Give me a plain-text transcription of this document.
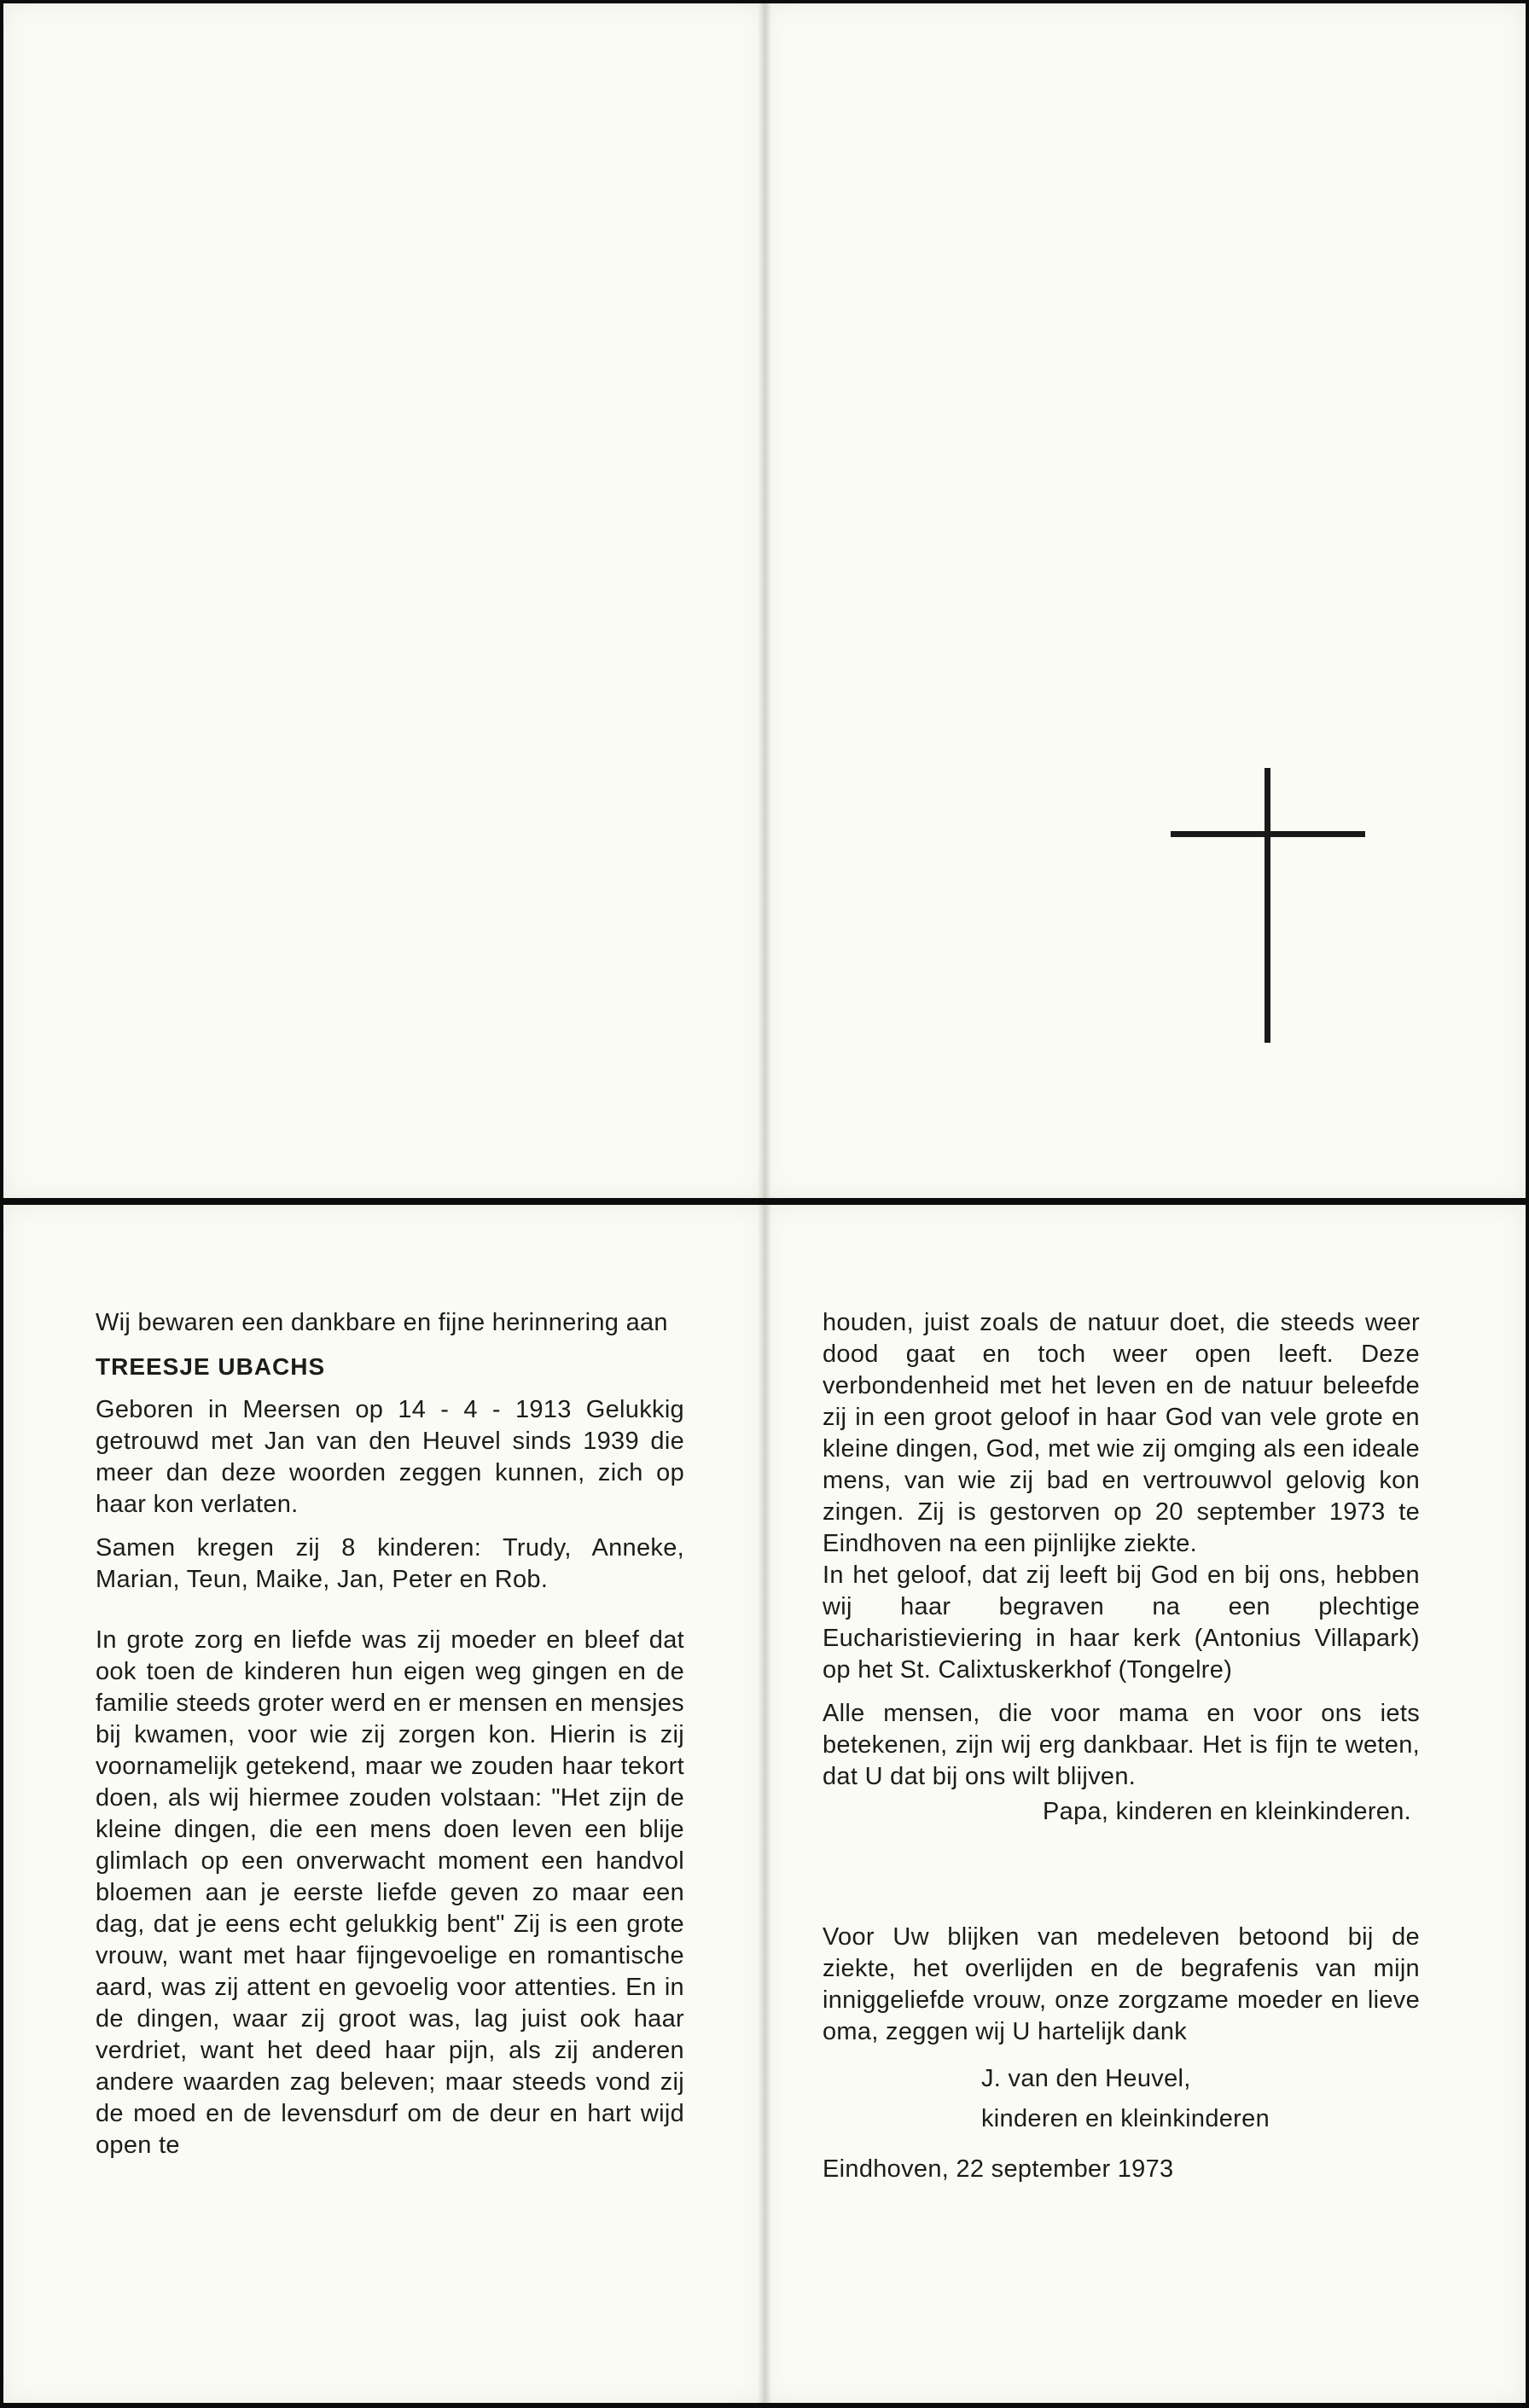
Wij bewaren een dankbare en fijne herinnering aan

TREESJE UBACHS

Geboren in Meersen op 14 - 4 - 1913 Gelukkig getrouwd met Jan van den Heuvel sinds 1939 die meer dan deze woorden zeggen kunnen, zich op haar kon verlaten.

Samen kregen zij 8 kinderen: Trudy, Anneke, Marian, Teun, Maike, Jan, Peter en Rob.

In grote zorg en liefde was zij moeder en bleef dat ook toen de kinderen hun eigen weg gingen en de familie steeds groter werd en er mensen en mensjes bij kwamen, voor wie zij zorgen kon. Hierin is zij voornamelijk getekend, maar we zouden haar tekort doen, als wij hiermee zouden volstaan: "Het zijn de kleine dingen, die een mens doen leven een blije glimlach op een onverwacht moment een handvol bloemen aan je eerste liefde geven zo maar een dag, dat je eens echt gelukkig bent" Zij is een grote vrouw, want met haar fijngevoelige en romantische aard, was zij attent en gevoelig voor attenties. En in de dingen, waar zij groot was, lag juist ook haar verdriet, want het deed haar pijn, als zij anderen andere waarden zag beleven; maar steeds vond zij de moed en de levensdurf om de deur en hart wijd open te

houden, juist zoals de natuur doet, die steeds weer dood gaat en toch weer open leeft. Deze verbondenheid met het leven en de natuur beleefde zij in een groot geloof in haar God van vele grote en kleine dingen, God, met wie zij omging als een ideale mens, van wie zij bad en vertrouwvol gelovig kon zingen. Zij is gestorven op 20 september 1973 te Eindhoven na een pijnlijke ziekte.

In het geloof, dat zij leeft bij God en bij ons, hebben wij haar begraven na een plechtige Eucharistieviering in haar kerk (Antonius Villapark) op het St. Calixtuskerkhof (Tongelre)

Alle mensen, die voor mama en voor ons iets betekenen, zijn wij erg dankbaar. Het is fijn te weten, dat U dat bij ons wilt blijven.

Papa, kinderen en kleinkinderen.

Voor Uw blijken van medeleven betoond bij de ziekte, het overlijden en de begrafenis van mijn inniggeliefde vrouw, onze zorgzame moeder en lieve oma, zeggen wij U hartelijk dank

J. van den Heuvel,

kinderen en kleinkinderen

Eindhoven, 22 september 1973
